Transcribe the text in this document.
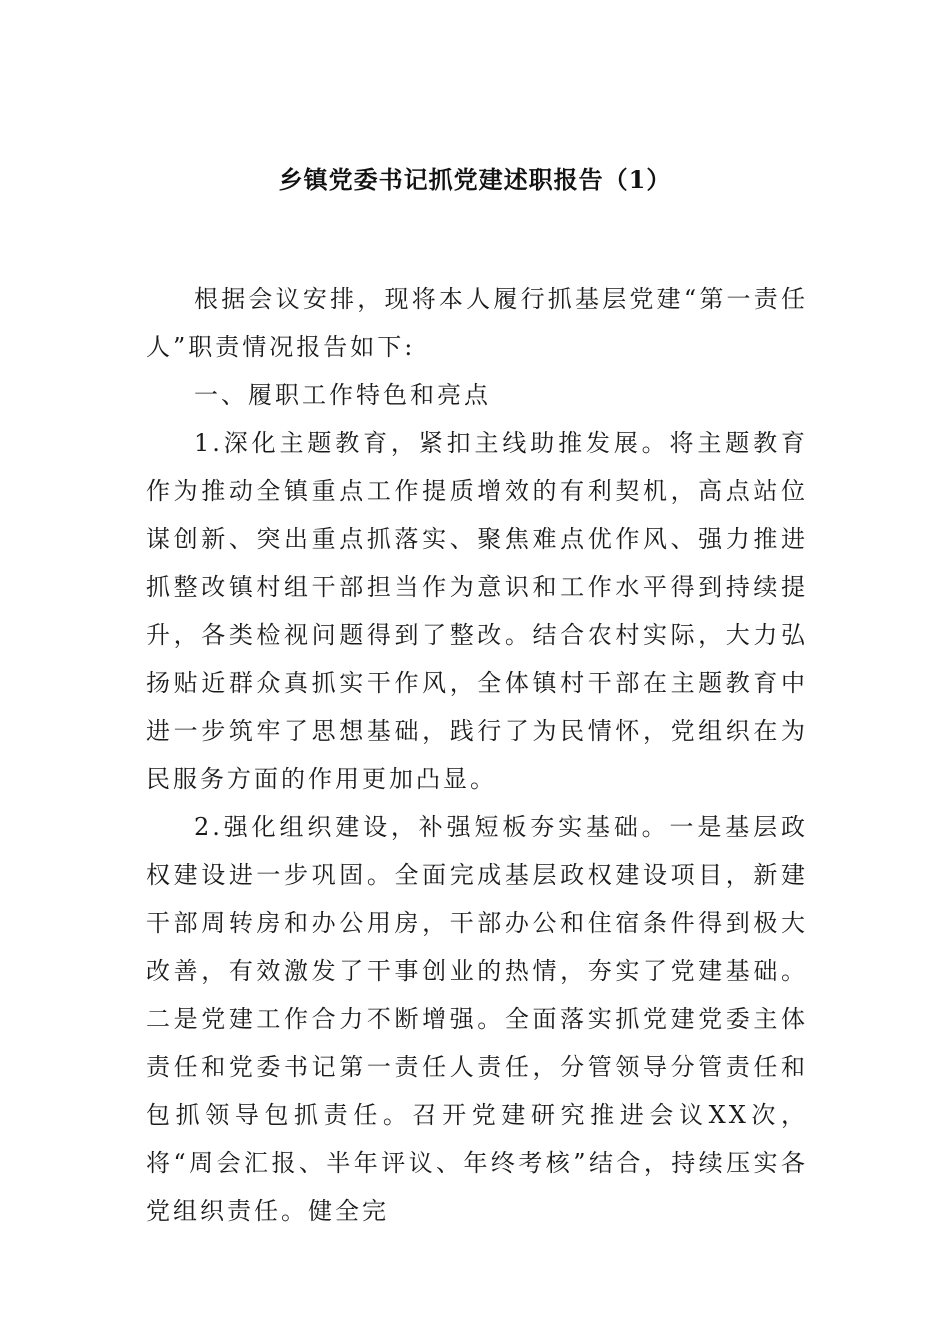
乡镇党委书记抓党建述职报告（1）

根据会议安排，现将本人履行抓基层党建“第一责任人”职责情况报告如下:

一、履职工作特色和亮点

1.深化主题教育，紧扣主线助推发展。将主题教育作为推动全镇重点工作提质增效的有利契机，高点站位谋创新、突出重点抓落实、聚焦难点优作风、强力推进抓整改镇村组干部担当作为意识和工作水平得到持续提升，各类检视问题得到了整改。结合农村实际，大力弘扬贴近群众真抓实干作风，全体镇村干部在主题教育中进一步筑牢了思想基础，践行了为民情怀，党组织在为民服务方面的作用更加凸显。

2.强化组织建设，补强短板夯实基础。一是基层政权建设进一步巩固。全面完成基层政权建设项目，新建干部周转房和办公用房，干部办公和住宿条件得到极大改善，有效激发了干事创业的热情，夯实了党建基础。二是党建工作合力不断增强。全面落实抓党建党委主体责任和党委书记第一责任人责任，分管领导分管责任和包抓领导包抓责任。召开党建研究推进会议XX次，将“周会汇报、半年评议、年终考核”结合，持续压实各党组织责任。健全完
